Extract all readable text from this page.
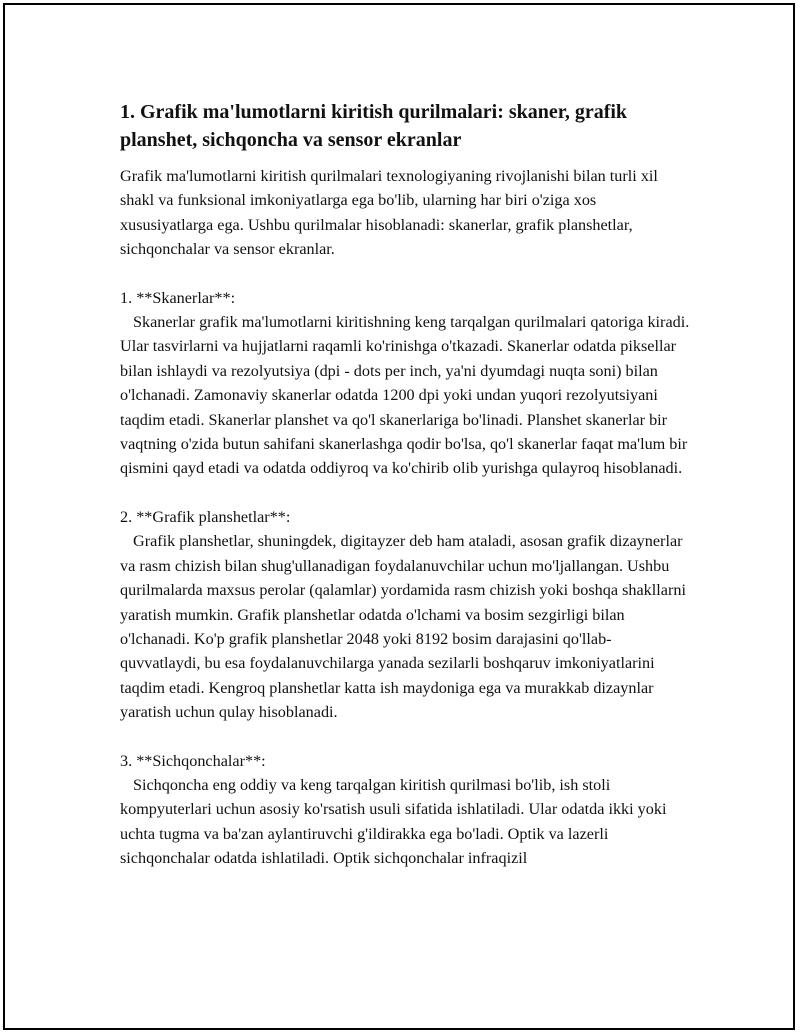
1. Grafik ma'lumotlarni kiritish qurilmalari: skaner, grafik planshet, sichqoncha va sensor ekranlar

Grafik ma'lumotlarni kiritish qurilmalari texnologiyaning rivojlanishi bilan turli xil shakl va funksional imkoniyatlarga ega bo'lib, ularning har biri o'ziga xos xususiyatlarga ega. Ushbu qurilmalar hisoblanadi: skanerlar, grafik planshetlar, sichqonchalar va sensor ekranlar.

1. **Skanerlar**:

Skanerlar grafik ma'lumotlarni kiritishning keng tarqalgan qurilmalari qatoriga kiradi. Ular tasvirlarni va hujjatlarni raqamli ko'rinishga o'tkazadi. Skanerlar odatda piksellar bilan ishlaydi va rezolyutsiya (dpi - dots per inch, ya'ni dyumdagi nuqta soni) bilan o'lchanadi. Zamonaviy skanerlar odatda 1200 dpi yoki undan yuqori rezolyutsiyani taqdim etadi. Skanerlar planshet va qo'l skanerlariga bo'linadi. Planshet skanerlar bir vaqtning o'zida butun sahifani skanerlashga qodir bo'lsa, qo'l skanerlar faqat ma'lum bir qismini qayd etadi va odatda oddiyroq va ko'chirib olib yurishga qulayroq hisoblanadi.

2. **Grafik planshetlar**:

Grafik planshetlar, shuningdek, digitayzer deb ham ataladi, asosan grafik dizaynerlar va rasm chizish bilan shug'ullanadigan foydalanuvchilar uchun mo'ljallangan. Ushbu qurilmalarda maxsus perolar (qalamlar) yordamida rasm chizish yoki boshqa shakllarni yaratish mumkin. Grafik planshetlar odatda o'lchami va bosim sezgirligi bilan o'lchanadi. Ko'p grafik planshetlar 2048 yoki 8192 bosim darajasini qo'llab-quvvatlaydi, bu esa foydalanuvchilarga yanada sezilarli boshqaruv imkoniyatlarini taqdim etadi. Kengroq planshetlar katta ish maydoniga ega va murakkab dizaynlar yaratish uchun qulay hisoblanadi.

3. **Sichqonchalar**:

Sichqoncha eng oddiy va keng tarqalgan kiritish qurilmasi bo'lib, ish stoli kompyuterlari uchun asosiy ko'rsatish usuli sifatida ishlatiladi. Ular odatda ikki yoki uchta tugma va ba'zan aylantiruvchi g'ildirakka ega bo'ladi. Optik va lazerli sichqonchalar odatda ishlatiladi. Optik sichqonchalar infraqizil
